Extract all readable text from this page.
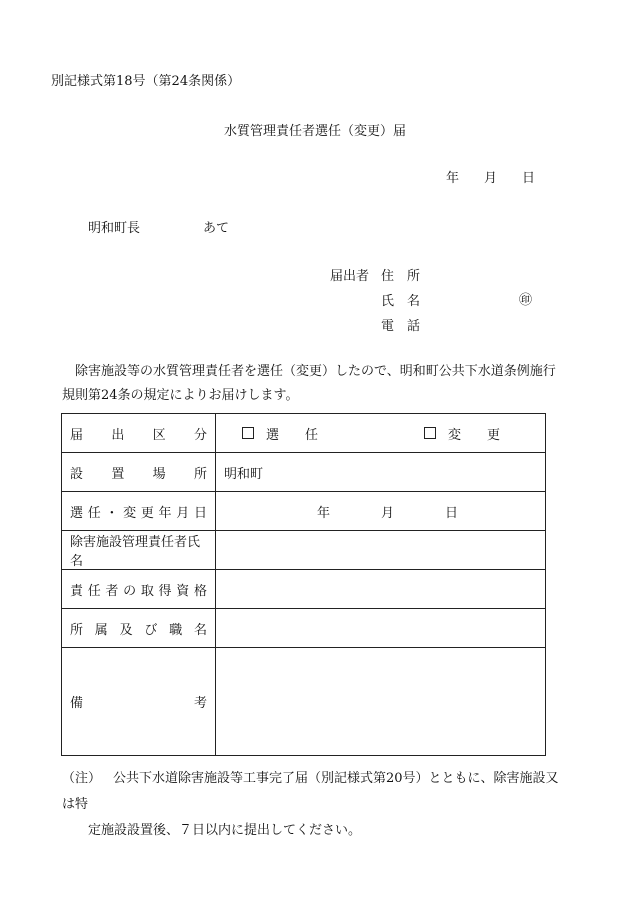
別記様式第18号（第24条関係）
水質管理責任者選任（変更）届
年 月 日
明和町長	あて
届出者 住　所
氏　名
電　話
㊞
除害施設等の水質管理責任者を選任（変更）したので、明和町公共下水道条例施行規則第24条の規定によりお届けします。
届出区分	選　　任 変　　更

設置場所	明和町
選任・変更年月日	年 月 日

除害施設管理責任者氏名	
責任者の取得資格	
所属及び職名	

備 考	

（注） 公共下水道除害施設等工事完了届（別記様式第20号）とともに、除害施設又は特
定施設設置後、７日以内に提出してください。
